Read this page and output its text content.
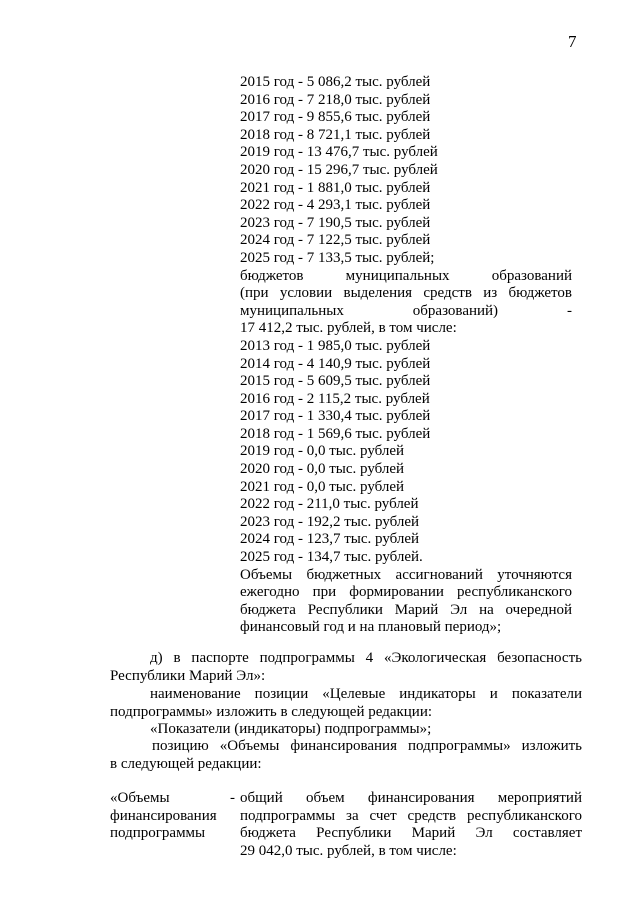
7
2015 год - 5 086,2 тыс. рублей
2016 год - 7 218,0 тыс. рублей
2017 год - 9 855,6 тыс. рублей
2018 год - 8 721,1 тыс. рублей
2019 год - 13 476,7 тыс. рублей
2020 год - 15 296,7 тыс. рублей
2021 год - 1 881,0 тыс. рублей
2022 год - 4 293,1 тыс. рублей
2023 год - 7 190,5 тыс. рублей
2024 год - 7 122,5 тыс. рублей
2025 год - 7 133,5 тыс. рублей;
бюджетов муниципальных образований
(при условии выделения средств из бюджетов
муниципальных образований) -
17 412,2 тыс. рублей, в том числе:
2013 год - 1 985,0 тыс. рублей
2014 год - 4 140,9 тыс. рублей
2015 год - 5 609,5 тыс. рублей
2016 год - 2 115,2 тыс. рублей
2017 год - 1 330,4 тыс. рублей
2018 год - 1 569,6 тыс. рублей
2019 год - 0,0 тыс. рублей
2020 год - 0,0 тыс. рублей
2021 год - 0,0 тыс. рублей
2022 год - 211,0 тыс. рублей
2023 год - 192,2 тыс. рублей
2024 год - 123,7 тыс. рублей
2025 год - 134,7 тыс. рублей.
Объемы бюджетных ассигнований уточняются
ежегодно при формировании республиканского
бюджета Республики Марий Эл на очередной
финансовый год и на плановый период»;
д) в паспорте подпрограммы 4 «Экологическая безопасность
Республики Марий Эл»:
наименование позиции «Целевые индикаторы и показатели
подпрограммы» изложить в следующей редакции:
«Показатели (индикаторы) подпрограммы»;
позицию «Объемы финансирования подпрограммы» изложить
в следующей редакции:
«Объемы
финансирования
подпрограммы
- общий объем финансирования мероприятий
подпрограммы за счет средств республиканского
бюджета Республики Марий Эл составляет
29 042,0 тыс. рублей, в том числе:
